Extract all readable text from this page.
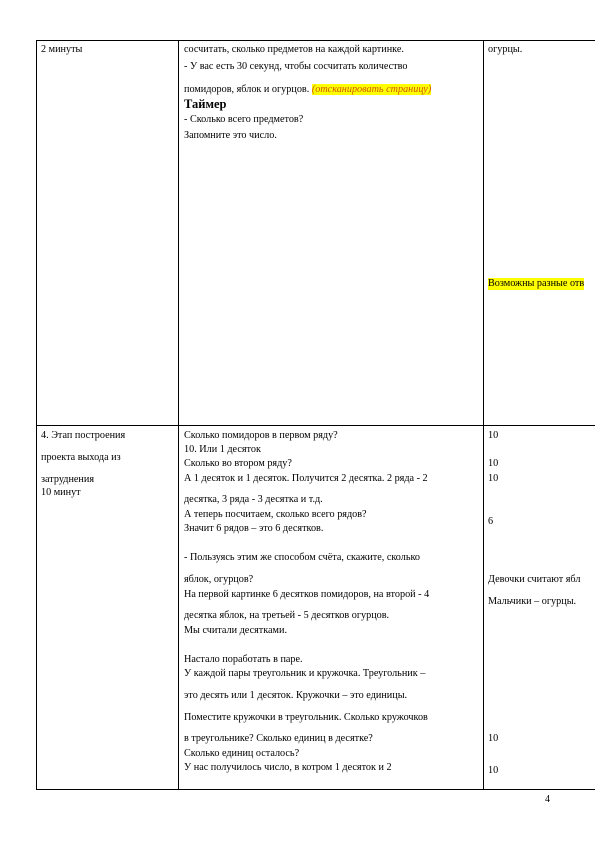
2 минуты	сосчитать, сколько предметов на каждой картинке.
- У вас есть 30 секунд, чтобы сосчитать количество
помидоров, яблок и огурцов. (отсканировать страницу)
Таймер
- Сколько всего предметов?
Запомните это число.
огурцы.
Возможны разные отв
4. Этап построения
проекта выхода из
затруднения
10 минут
Сколько помидоров в первом ряду?
10. Или 1 десяток
Сколько во втором ряду?
А 1 десяток и 1 десяток. Получится 2 десятка. 2 ряда - 2
десятка, 3 ряда - 3 десятка и т.д.
А теперь посчитаем, сколько всего рядов?
Значит 6 рядов – это 6 десятков.
- Пользуясь этим же способом счёта, скажите, сколько
яблок, огурцов?
На первой картинке 6 десятков помидоров, на второй - 4
десятка яблок, на третьей - 5 десятков огурцов.
Мы считали десятками.
Настало поработать в паре.
У каждой пары треугольник и кружочка. Треугольник –
это десять или 1 десяток. Кружочки – это единицы.
Поместите кружочки в треугольник. Сколько кружочков
в треугольнике? Сколько единиц в десятке?
Сколько единиц осталось?
У нас получилось число, в котром 1 десяток и 2
10
10
10
6
Девочки считают ябл
Мальчики – огурцы.
10
10
4
